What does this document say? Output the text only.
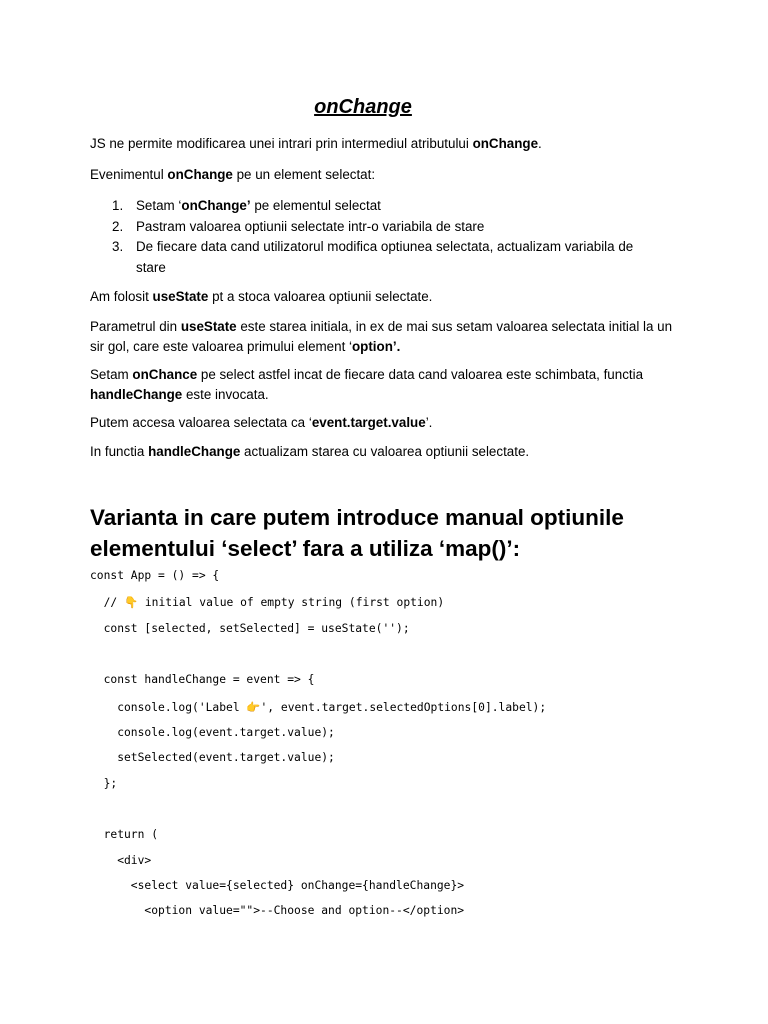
onChange

JS ne permite modificarea unei intrari prin intermediul atributului onChange.

Evenimentul onChange pe un element selectat:

1. Setam ‘onChange’ pe elementul selectat
2. Pastram valoarea optiunii selectate intr-o variabila de stare
3. De fiecare data cand utilizatorul modifica optiunea selectata, actualizam variabila de stare

Am folosit useState pt a stoca valoarea optiunii selectate.

Parametrul din useState este starea initiala, in ex de mai sus setam valoarea selectata initial la un sir gol, care este valoarea primului element ‘option’.

Setam onChance pe select astfel incat de fiecare data cand valoarea este schimbata, functia handleChange este invocata.

Putem accesa valoarea selectata ca ‘event.target.value’.

In functia handleChange actualizam starea cu valoarea optiunii selectate.

Varianta in care putem introduce manual optiunile elementului ‘select’ fara a utiliza ‘map()’:
const App = () => {
// 👇️ initial value of empty string (first option)
const [selected, setSelected] = useState('');
const handleChange = event => {
console.log('Label 👉️', event.target.selectedOptions[0].label);
console.log(event.target.value);
setSelected(event.target.value);
};
return (
<div>
<select value={selected} onChange={handleChange}>
<option value="">--Choose and option--</option>
